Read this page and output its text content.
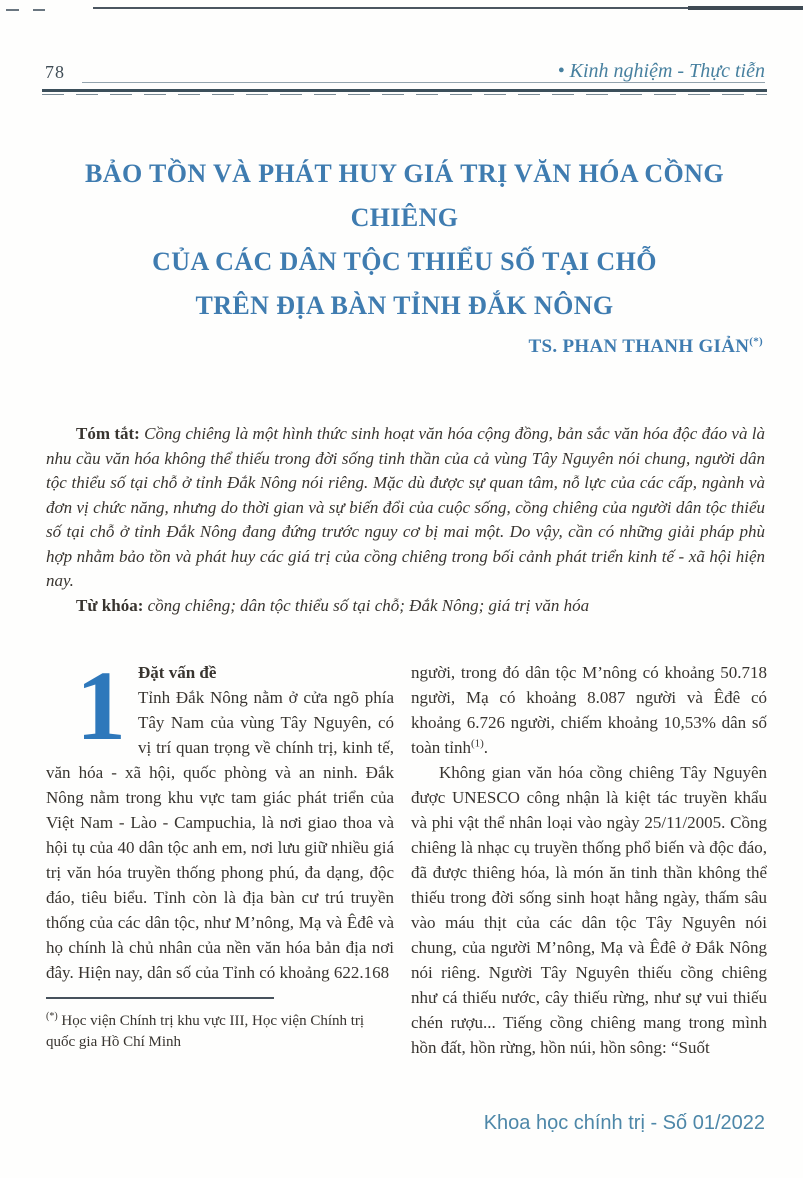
78	• Kinh nghiệm - Thực tiễn
BẢO TỒN VÀ PHÁT HUY GIÁ TRỊ VĂN HÓA CỒNG CHIÊNG
CỦA CÁC DÂN TỘC THIỂU SỐ TẠI CHỖ
TRÊN ĐỊA BÀN TỈNH ĐẮK NÔNG
TS. PHAN THANH GIẢN(*)

Tóm tắt: Cồng chiêng là một hình thức sinh hoạt văn hóa cộng đồng, bản sắc văn hóa độc đáo và là nhu cầu văn hóa không thể thiếu trong đời sống tinh thần của cả vùng Tây Nguyên nói chung, người dân tộc thiểu số tại chỗ ở tỉnh Đắk Nông nói riêng. Mặc dù được sự quan tâm, nỗ lực của các cấp, ngành và đơn vị chức năng, nhưng do thời gian và sự biến đổi của cuộc sống, cồng chiêng của người dân tộc thiểu số tại chỗ ở tỉnh Đắk Nông đang đứng trước nguy cơ bị mai một. Do vậy, cần có những giải pháp phù hợp nhằm bảo tồn và phát huy các giá trị của cồng chiêng trong bối cảnh phát triển kinh tế - xã hội hiện nay.

Từ khóa: cồng chiêng; dân tộc thiểu số tại chỗ; Đắk Nông; giá trị văn hóa

1 Đặt vấn đề
Tỉnh Đắk Nông nằm ở cửa ngõ phía Tây Nam của vùng Tây Nguyên, có vị trí quan trọng về chính trị, kinh tế, văn hóa - xã hội, quốc phòng và an ninh. Đắk Nông nằm trong khu vực tam giác phát triển của Việt Nam - Lào - Campuchia, là nơi giao thoa và hội tụ của 40 dân tộc anh em, nơi lưu giữ nhiều giá trị văn hóa truyền thống phong phú, đa dạng, độc đáo, tiêu biểu. Tỉnh còn là địa bàn cư trú truyền thống của các dân tộc, như M’nông, Mạ và Êđê và họ chính là chủ nhân của nền văn hóa bản địa nơi đây. Hiện nay, dân số của Tỉnh có khoảng 622.168

(*) Học viện Chính trị khu vực III, Học viện Chính trị quốc gia Hồ Chí Minh

người, trong đó dân tộc M’nông có khoảng 50.718 người, Mạ có khoảng 8.087 người và Êđê có khoảng 6.726 người, chiếm khoảng 10,53% dân số toàn tỉnh$^{(1)}$.

Không gian văn hóa cồng chiêng Tây Nguyên được UNESCO công nhận là kiệt tác truyền khẩu và phi vật thể nhân loại vào ngày 25/11/2005. Cồng chiêng là nhạc cụ truyền thống phổ biến và độc đáo, đã được thiêng hóa, là món ăn tinh thần không thể thiếu trong đời sống sinh hoạt hằng ngày, thấm sâu vào máu thịt của các dân tộc Tây Nguyên nói chung, của người M’nông, Mạ và Êđê ở Đắk Nông nói riêng. Người Tây Nguyên thiếu cồng chiêng như cá thiếu nước, cây thiếu rừng, như sự vui thiếu chén rượu... Tiếng cồng chiêng mang trong mình hồn đất, hồn rừng, hồn núi, hồn sông: “Suốt

Khoa học chính trị - Số 01/2022
